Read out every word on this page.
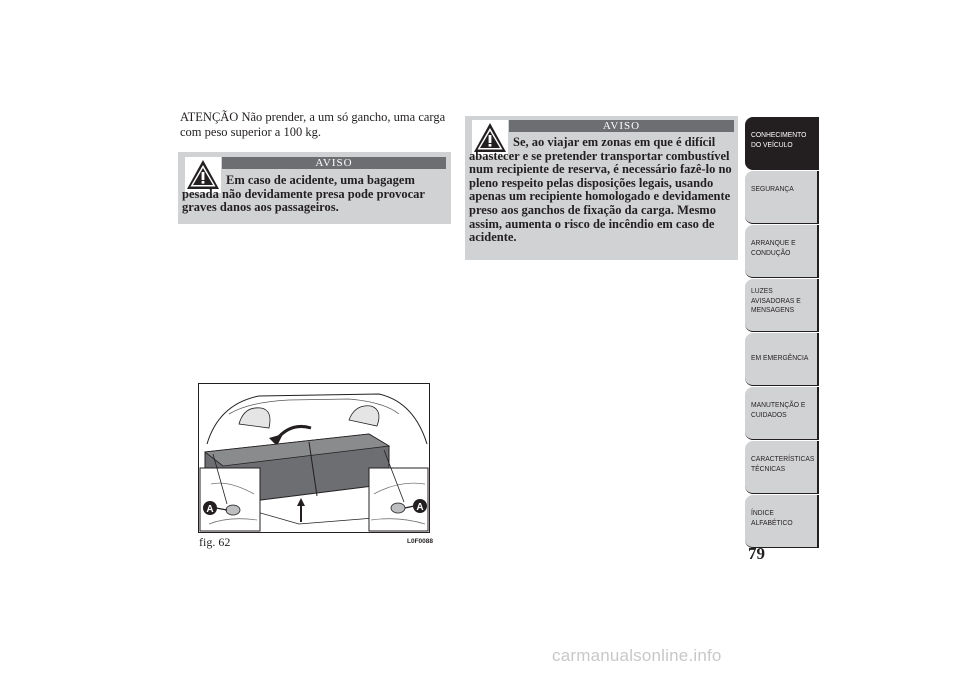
ATENÇÃO Não prender, a um só gancho, uma carga com peso superior a 100 kg.

AVISO

Em caso de acidente, uma bagagem pesada não devidamente presa pode provocar graves danos aos passageiros.

AVISO

Se, ao viajar em zonas em que é difícil abastecer e se pretender transportar combustível num recipiente de reserva, é necessário fazê-lo no pleno respeito pelas disposições legais, usando apenas um recipiente homologado e devidamente preso aos ganchos de fixação da carga. Mesmo assim, aumenta o risco de incêndio em caso de acidente.

A	A
fig. 62	L0F0088
CONHECIMENTO DO VEÍCULO
SEGURANÇA
ARRANQUE E CONDUÇÃO
LUZES AVISADORAS E MENSAGENS
EM EMERGÊNCIA
MANUTENÇÃO E CUIDADOS
CARACTERÍSTICAS TÉCNICAS
ÍNDICE ALFABÉTICO
79
carmanualsonline.info
